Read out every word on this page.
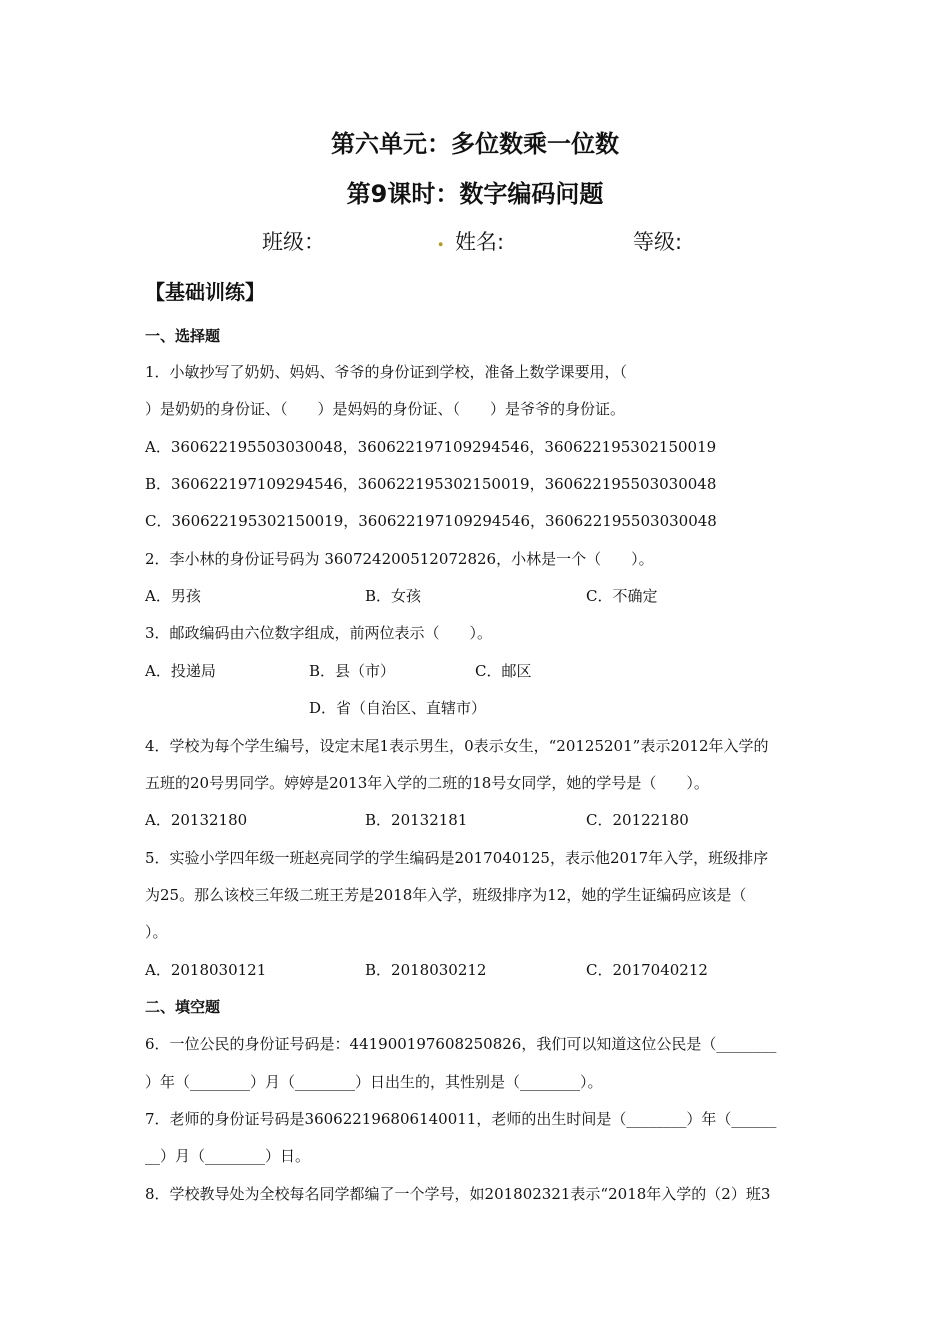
第六单元：多位数乘一位数
第9课时：数字编码问题
班级：	. 姓名:	等级:
【基础训练】
一、选择题
1．小敏抄写了奶奶、妈妈、爷爷的身份证到学校，准备上数学课要用，（
）是奶奶的身份证、（　　）是妈妈的身份证、（　　）是爷爷的身份证。
A．360622195503030048，360622197109294546，360622195302150019
B．360622197109294546，360622195302150019，360622195503030048
C．360622195302150019，360622197109294546，360622195503030048
2．李小林的身份证号码为 360724200512072826，小林是一个（　　）。
A．男孩	B．女孩	C．不确定
3．邮政编码由六位数字组成，前两位表示（　　）。
A．投递局	B．县（市）	C．邮区
D．省（自治区、直辖市）
4．学校为每个学生编号，设定末尾1表示男生，0表示女生，“20125201”表示2012年入学的
五班的20号男同学。婷婷是2013年入学的二班的18号女同学，她的学号是（　　）。
A．20132180	B．20132181	C．20122180
5．实验小学四年级一班赵亮同学的学生编码是2017040125，表示他2017年入学，班级排序
为25。那么该校三年级二班王芳是2018年入学，班级排序为12，她的学生证编码应该是（
）。
A．2018030121	B．2018030212	C．2017040212
二、填空题
6．一位公民的身份证号码是：441900197608250826，我们可以知道这位公民是（________
）年（________）月（________）日出生的，其性别是（________）。
7．老师的身份证号码是360622196806140011，老师的出生时间是（________）年（______
__）月（________）日。
8．学校教导处为全校每名同学都编了一个学号，如201802321表示“2018年入学的（2）班3
